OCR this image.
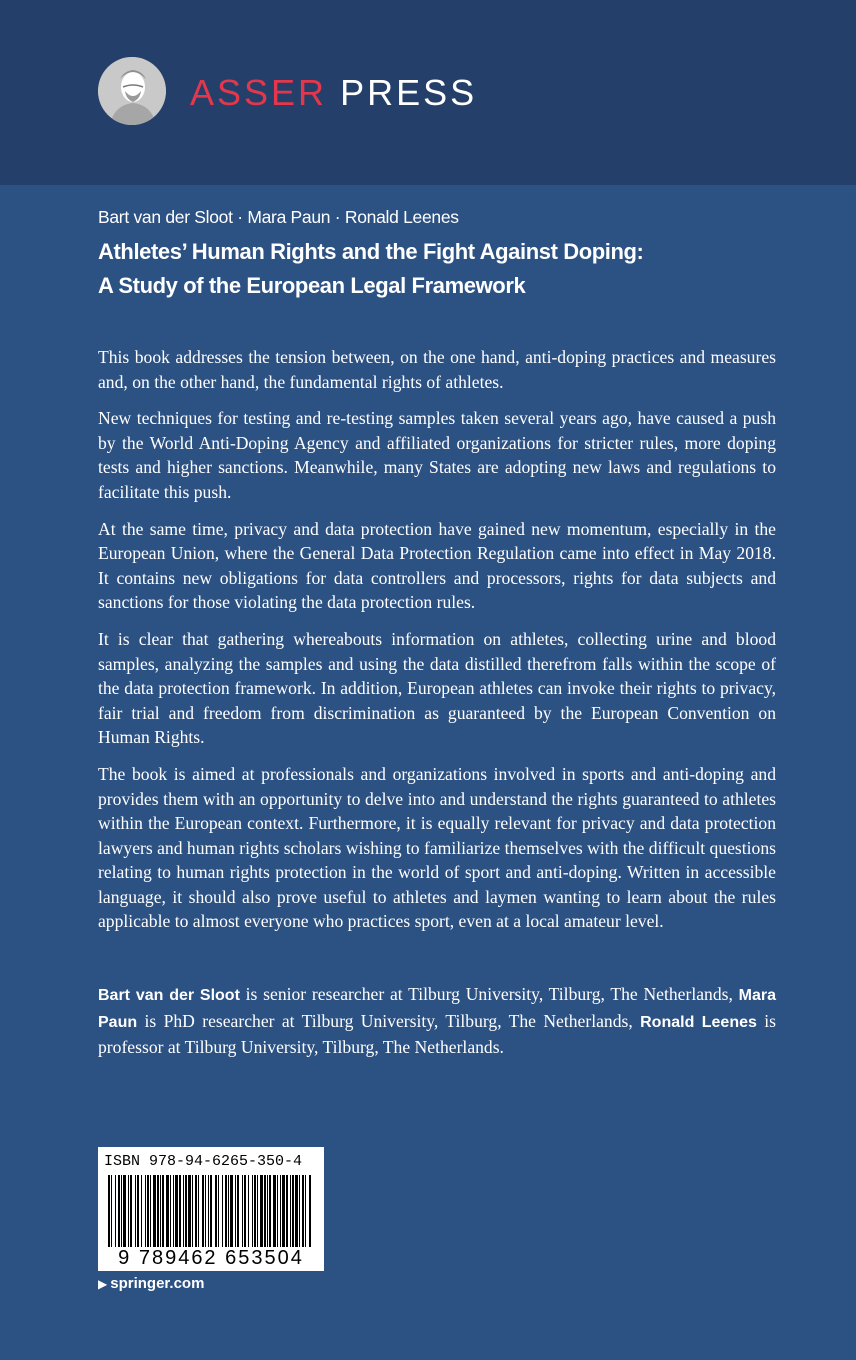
ASSER PRESS
Bart van der Sloot · Mara Paun · Ronald Leenes
Athletes’ Human Rights and the Fight Against Doping:
A Study of the European Legal Framework

This book addresses the tension between, on the one hand, anti-doping practices and measures and, on the other hand, the fundamental rights of athletes.

New techniques for testing and re-testing samples taken several years ago, have caused a push by the World Anti-Doping Agency and affiliated organizations for stricter rules, more doping tests and higher sanctions. Meanwhile, many States are adopting new laws and regulations to facilitate this push.

At the same time, privacy and data protection have gained new momentum, especially in the European Union, where the General Data Protection Regulation came into effect in May 2018. It contains new obligations for data controllers and processors, rights for data subjects and sanctions for those violating the data protection rules.

It is clear that gathering whereabouts information on athletes, collecting urine and blood samples, analyzing the samples and using the data distilled therefrom falls within the scope of the data protection framework. In addition, European athletes can invoke their rights to privacy, fair trial and freedom from discrimination as guaranteed by the European Convention on Human Rights.

The book is aimed at professionals and organizations involved in sports and anti-doping and provides them with an opportunity to delve into and understand the rights guaranteed to athletes within the European context. Furthermore, it is equally relevant for privacy and data protection lawyers and human rights scholars wishing to familiarize themselves with the difficult questions relating to human rights protection in the world of sport and anti-doping. Written in accessible language, it should also prove useful to athletes and laymen wanting to learn about the rules applicable to almost everyone who practices sport, even at a local amateur level.

Bart van der Sloot is senior researcher at Tilburg University, Tilburg, The Netherlands, Mara Paun is PhD researcher at Tilburg University, Tilburg, The Netherlands, Ronald Leenes is professor at Tilburg University, Tilburg, The Netherlands.
ISBN 978-94-6265-350-4
9 789462 653504
▶ springer.com
